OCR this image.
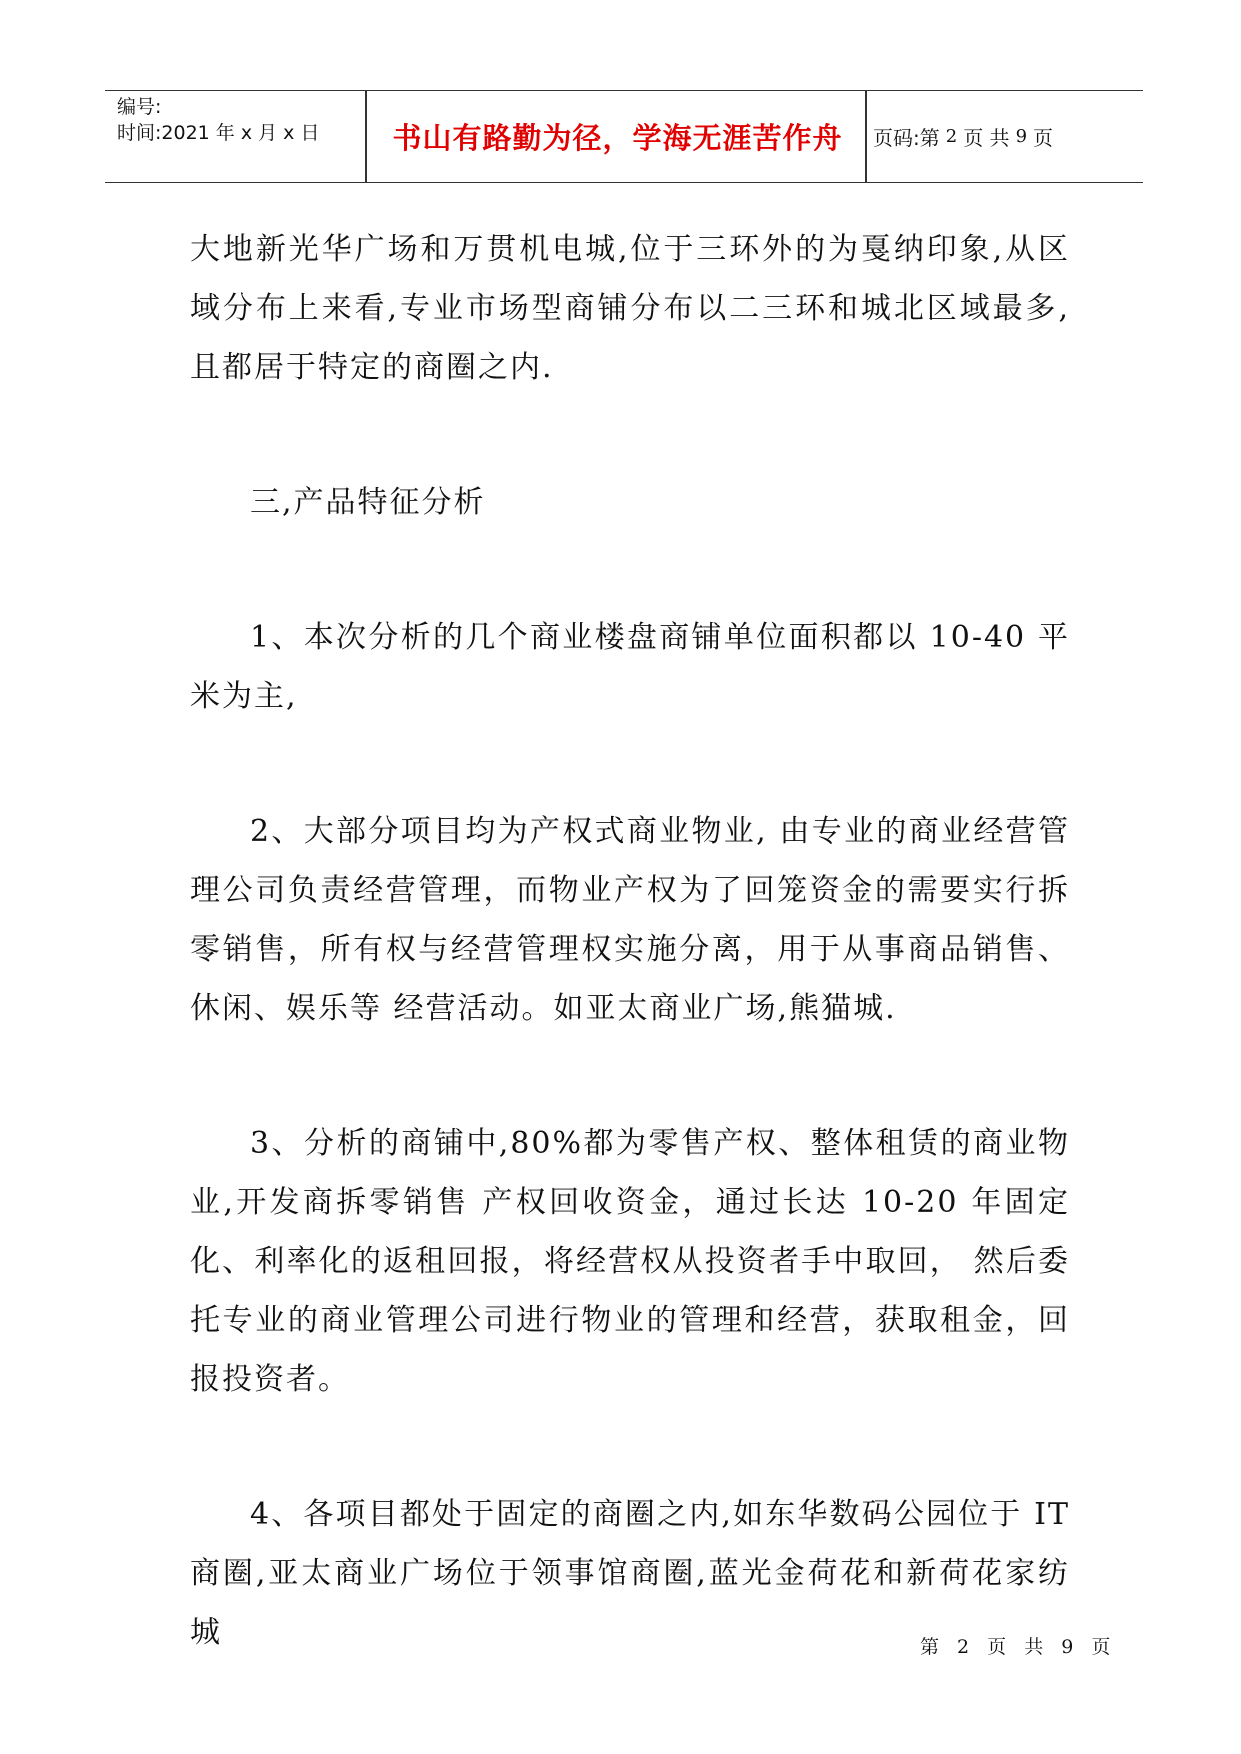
编号:
时间:2021 年 x 月 x 日	书山有路勤为径，学海无涯苦作舟	页码:第 2 页 共 9 页

大地新光华广场和万贯机电城,位于三环外的为戛纳印象,从区域分布上来看,专业市场型商铺分布以二三环和城北区域最多,且都居于特定的商圈之内.

三,产品特征分析

1、本次分析的几个商业楼盘商铺单位面积都以 10-40 平米为主,

2、大部分项目均为产权式商业物业, 由专业的商业经营管理公司负责经营管理，而物业产权为了回笼资金的需要实行拆零销售，所有权与经营管理权实施分离，用于从事商品销售、休闲、娱乐等 经营活动。如亚太商业广场,熊猫城.

3、分析的商铺中,80%都为零售产权、整体租赁的商业物业,开发商拆零销售 产权回收资金，通过长达 10-20 年固定化、利率化的返租回报，将经营权从投资者手中取回， 然后委托专业的商业管理公司进行物业的管理和经营，获取租金，回报投资者。

4、各项目都处于固定的商圈之内,如东华数码公园位于 IT 商圈,亚太商业广场位于领事馆商圈,蓝光金荷花和新荷花家纺城	第 2 页 共 9 页
